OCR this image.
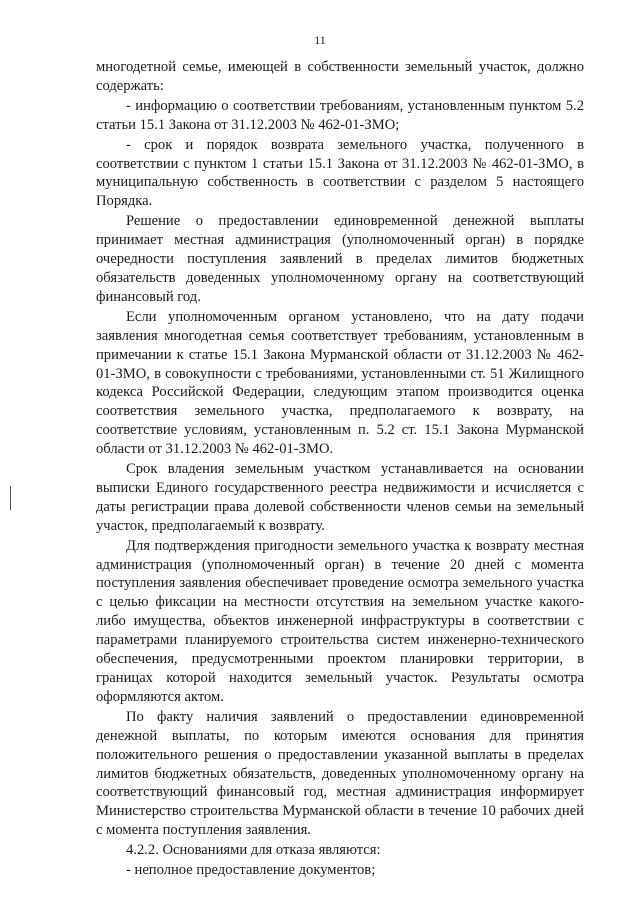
11

многодетной семье, имеющей в собственности земельный участок, должно содержать:

- информацию о соответствии требованиям, установленным пунктом 5.2 статьи 15.1 Закона от 31.12.2003 № 462-01-ЗМО;

- срок и порядок возврата земельного участка, полученного в соответствии с пунктом 1 статьи 15.1 Закона от 31.12.2003 № 462-01-ЗМО, в муниципальную собственность в соответствии с разделом 5 настоящего Порядка.

Решение о предоставлении единовременной денежной выплаты принимает местная администрация (уполномоченный орган) в порядке очередности поступления заявлений в пределах лимитов бюджетных обязательств доведенных уполномоченному органу на соответствующий финансовый год.

Если уполномоченным органом установлено, что на дату подачи заявления многодетная семья соответствует требованиям, установленным в примечании к статье 15.1 Закона Мурманской области от 31.12.2003 № 462-01-ЗМО, в совокупности с требованиями, установленными ст. 51 Жилищного кодекса Российской Федерации, следующим этапом производится оценка соответствия земельного участка, предполагаемого к возврату, на соответствие условиям, установленным п. 5.2 ст. 15.1 Закона Мурманской области от 31.12.2003 № 462-01-ЗМО.

Срок владения земельным участком устанавливается на основании выписки Единого государственного реестра недвижимости и исчисляется с даты регистрации права долевой собственности членов семьи на земельный участок, предполагаемый к возврату.

Для подтверждения пригодности земельного участка к возврату местная администрация (уполномоченный орган) в течение 20 дней с момента поступления заявления обеспечивает проведение осмотра земельного участка с целью фиксации на местности отсутствия на земельном участке какого-либо имущества, объектов инженерной инфраструктуры в соответствии с параметрами планируемого строительства систем инженерно-технического обеспечения, предусмотренными проектом планировки территории, в границах которой находится земельный участок. Результаты осмотра оформляются актом.

По факту наличия заявлений о предоставлении единовременной денежной выплаты, по которым имеются основания для принятия положительного решения о предоставлении указанной выплаты в пределах лимитов бюджетных обязательств, доведенных уполномоченному органу на соответствующий финансовый год, местная администрация информирует Министерство строительства Мурманской области в течение 10 рабочих дней с момента поступления заявления.

4.2.2. Основаниями для отказа являются:

- неполное предоставление документов;
